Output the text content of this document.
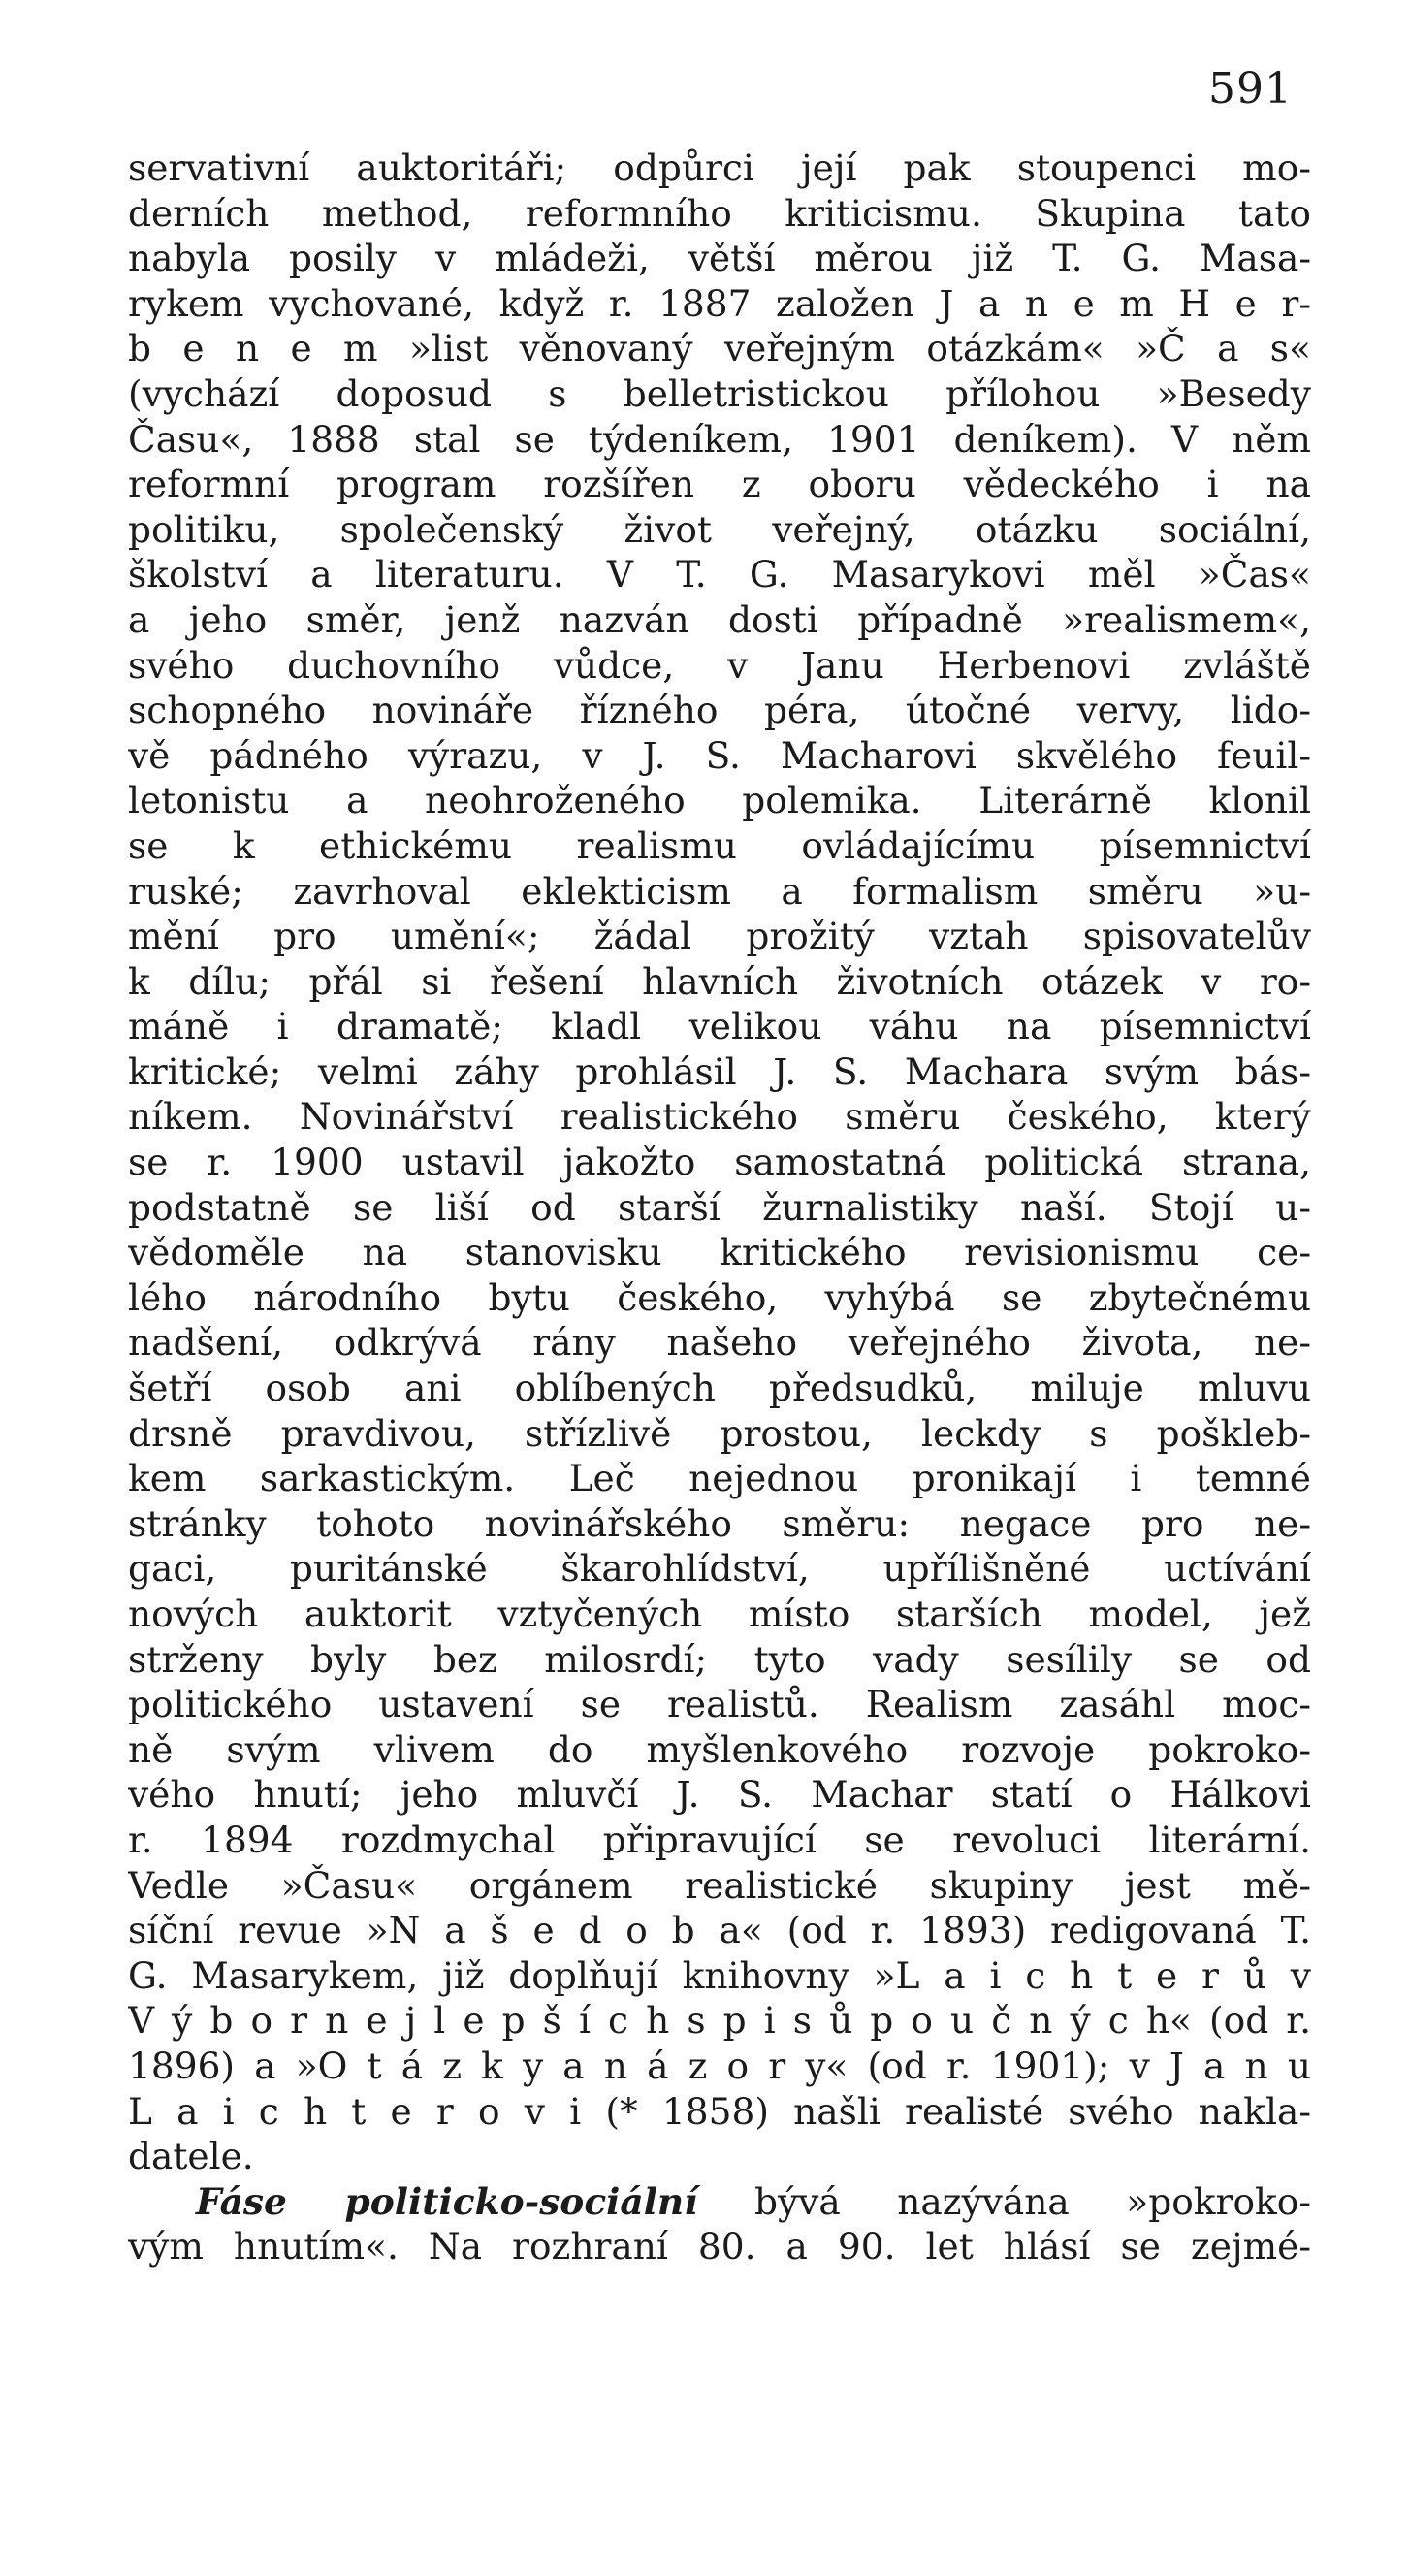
591
servativní auktoritáři; odpůrci její pak stoupenci mo-
derních method, reformního kriticismu. Skupina tato
nabyla posily v mládeži, větší měrou již T. G. Masa-
rykem vychované, když r. 1887 založen J a n e m H e r-
b e n e m »list věnovaný veřejným otázkám« »Č a s«
(vychází doposud s belletristickou přílohou »Besedy
Času«, 1888 stal se týdeníkem, 1901 deníkem). V něm
reformní program rozšířen z oboru vědeckého i na
politiku, společenský život veřejný, otázku sociální,
školství a literaturu. V T. G. Masarykovi měl »Čas«
a jeho směr, jenž nazván dosti případně »realismem«,
svého duchovního vůdce, v Janu Herbenovi zvláště
schopného novináře řízného péra, útočné vervy, lido-
vě pádného výrazu, v J. S. Macharovi skvělého feuil-
letonistu a neohroženého polemika. Literárně klonil
se k ethickému realismu ovládajícímu písemnictví
ruské; zavrhoval eklekticism a formalism směru »u-
mění pro umění«; žádal prožitý vztah spisovatelův
k dílu; přál si řešení hlavních životních otázek v ro-
máně i dramatě; kladl velikou váhu na písemnictví
kritické; velmi záhy prohlásil J. S. Machara svým bás-
níkem. Novinářství realistického směru českého, který
se r. 1900 ustavil jakožto samostatná politická strana,
podstatně se liší od starší žurnalistiky naší. Stojí u-
vědoměle na stanovisku kritického revisionismu ce-
lého národního bytu českého, vyhýbá se zbytečnému
nadšení, odkrývá rány našeho veřejného života, ne-
šetří osob ani oblíbených předsudků, miluje mluvu
drsně pravdivou, střízlivě prostou, leckdy s pošklеb-
kem sarkastickým. Leč nejednou pronikají i temné
stránky tohoto novinářského směru: negace pro ne-
gaci, puritánské škarohlídství, upřílišněné uctívání
nových auktorit vztyčených místo starších model, jež
strženy byly bez milosrdí; tyto vady sesílily se od
politického ustavení se realistů. Realism zasáhl moc-
ně svým vlivem do myšlenkového rozvoje pokroko-
vého hnutí; jeho mluvčí J. S. Machar statí o Hálkovi
r. 1894 rozdmychal připravující se revoluci literární.
Vedle »Času« orgánem realistické skupiny jest mě-
síční revue »N a š e d o b a« (od r. 1893) redigovaná T.
G. Masarykem, již doplňují knihovny »L a i c h t e r ů v
V ý b o r n e j l e p š í c h s p i s ů p o u č n ý c h« (od r.
1896) a »O t á z k y a n á z o r y« (od r. 1901); v J a n u
L a i c h t e r o v i (* 1858) našli realisté svého nakla-
datele.
Fáse politicko-sociální bývá nazývána »pokroko-
vým hnutím«. Na rozhraní 80. a 90. let hlásí se zejmé-
